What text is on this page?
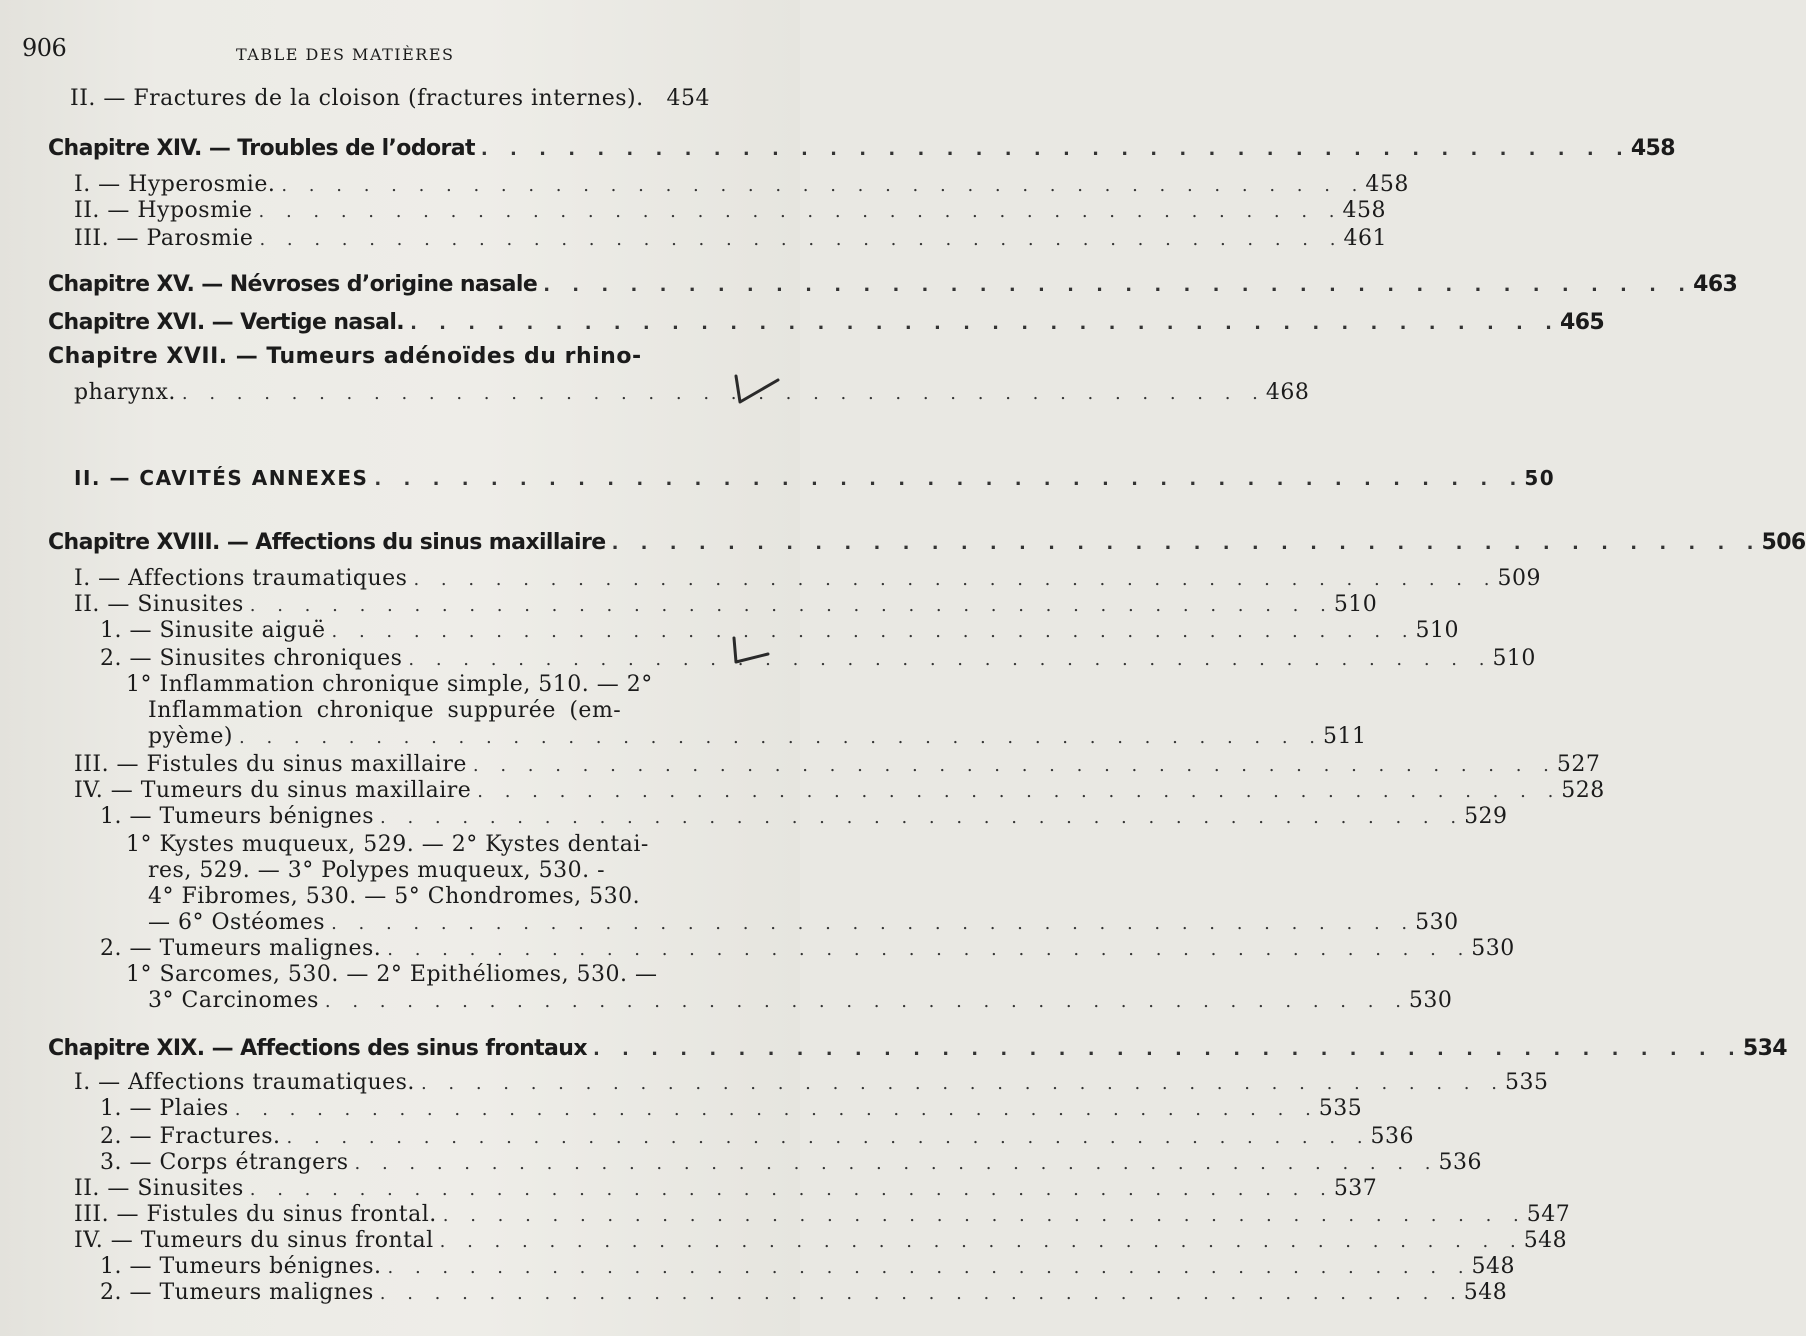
906	TABLE DES MATIÈRES
II. — Fractures de la cloison (fractures internes). 454
Chapitre XIV. — Troubles de l’odorat . . . . . . . . . . . . . . . . . . . . . . . . . . . . . . . . . . . . . . . . 458
I. — Hyperosmie. . . . . . . . . . . . . . . . . . . . . . . . . . . . . . . . . . . . . . . . . 458
II. — Hyposmie . . . . . . . . . . . . . . . . . . . . . . . . . . . . . . . . . . . . . . . . 458
III. — Parosmie . . . . . . . . . . . . . . . . . . . . . . . . . . . . . . . . . . . . . . . . 461
Chapitre XV. — Névroses d’origine nasale . . . . . . . . . . . . . . . . . . . . . . . . . . . . . . . . . . . . . . . . 463
Chapitre XVI. — Vertige nasal. . . . . . . . . . . . . . . . . . . . . . . . . . . . . . . . . . . . . . . . . 465
Chapitre XVII. — Tumeurs adénoïdes du rhino-
pharynx. . . . . . . . . . . . . . . . . . . . . . . . . . . . . . . . . . . . . . . . . 468
II. — CAVITÉS ANNEXES . . . . . . . . . . . . . . . . . . . . . . . . . . . . . . . . . . . . . . . . 50
Chapitre XVIII. — Affections du sinus maxillaire . . . . . . . . . . . . . . . . . . . . . . . . . . . . . . . . . . . . . . . . 506
I. — Affections traumatiques . . . . . . . . . . . . . . . . . . . . . . . . . . . . . . . . . . . . . . . . 509
II. — Sinusites . . . . . . . . . . . . . . . . . . . . . . . . . . . . . . . . . . . . . . . . 510
1. — Sinusite aiguë . . . . . . . . . . . . . . . . . . . . . . . . . . . . . . . . . . . . . . . . 510
2. — Sinusites chroniques . . . . . . . . . . . . . . . . . . . . . . . . . . . . . . . . . . . . . . . . 510
1° Inflammation chronique simple, 510. — 2°
Inflammation chronique suppurée (em-
pyème) . . . . . . . . . . . . . . . . . . . . . . . . . . . . . . . . . . . . . . . . 511
III. — Fistules du sinus maxillaire . . . . . . . . . . . . . . . . . . . . . . . . . . . . . . . . . . . . . . . . 527
IV. — Tumeurs du sinus maxillaire . . . . . . . . . . . . . . . . . . . . . . . . . . . . . . . . . . . . . . . . 528
1. — Tumeurs bénignes . . . . . . . . . . . . . . . . . . . . . . . . . . . . . . . . . . . . . . . . 529
1° Kystes muqueux, 529. — 2° Kystes dentai-
res, 529. — 3° Polypes muqueux, 530. -
4° Fibromes, 530. — 5° Chondromes, 530.
— 6° Ostéomes . . . . . . . . . . . . . . . . . . . . . . . . . . . . . . . . . . . . . . . . 530
2. — Tumeurs malignes. . . . . . . . . . . . . . . . . . . . . . . . . . . . . . . . . . . . . . . . . 530
1° Sarcomes, 530. — 2° Epithéliomes, 530. —
3° Carcinomes . . . . . . . . . . . . . . . . . . . . . . . . . . . . . . . . . . . . . . . . 530
Chapitre XIX. — Affections des sinus frontaux . . . . . . . . . . . . . . . . . . . . . . . . . . . . . . . . . . . . . . . . 534
I. — Affections traumatiques. . . . . . . . . . . . . . . . . . . . . . . . . . . . . . . . . . . . . . . . . 535
1. — Plaies . . . . . . . . . . . . . . . . . . . . . . . . . . . . . . . . . . . . . . . . 535
2. — Fractures. . . . . . . . . . . . . . . . . . . . . . . . . . . . . . . . . . . . . . . . . 536
3. — Corps étrangers . . . . . . . . . . . . . . . . . . . . . . . . . . . . . . . . . . . . . . . . 536
II. — Sinusites . . . . . . . . . . . . . . . . . . . . . . . . . . . . . . . . . . . . . . . . 537
III. — Fistules du sinus frontal. . . . . . . . . . . . . . . . . . . . . . . . . . . . . . . . . . . . . . . . . 547
IV. — Tumeurs du sinus frontal . . . . . . . . . . . . . . . . . . . . . . . . . . . . . . . . . . . . . . . . 548
1. — Tumeurs bénignes. . . . . . . . . . . . . . . . . . . . . . . . . . . . . . . . . . . . . . . . . 548
2. — Tumeurs malignes . . . . . . . . . . . . . . . . . . . . . . . . . . . . . . . . . . . . . . . . 548
